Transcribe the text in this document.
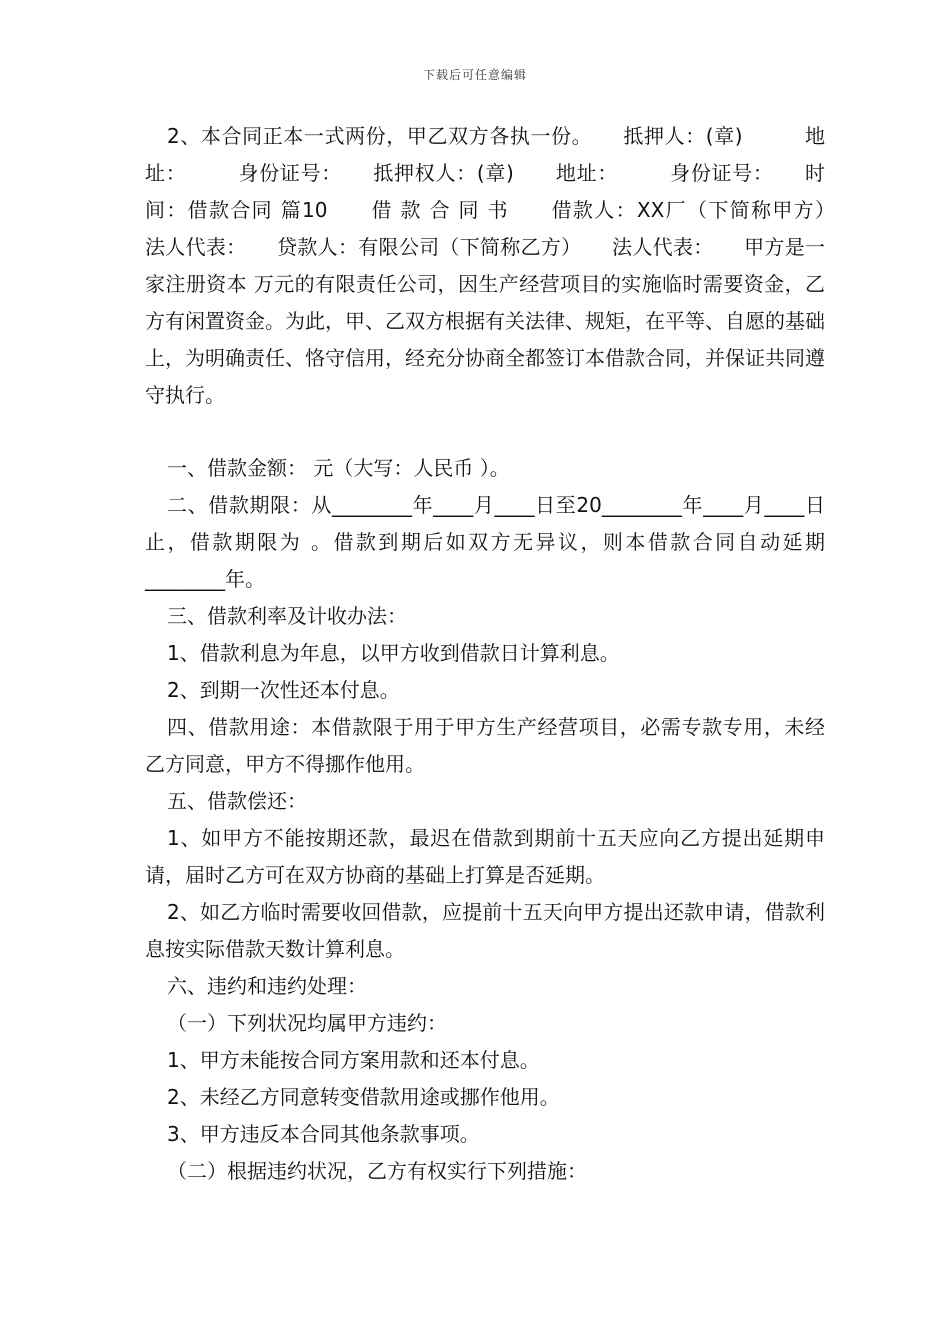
下载后可任意编辑

2、本合同正本一式两份，甲乙双方各执一份。　　抵押人：(章)　　　地址：　　　身份证号：　　抵押权人：(章)　　地址：　　　身份证号：　　时间：借款合同 篇10　　借 款 合 同 书　　借款人：XX厂（下简称甲方）　　法人代表：　　贷款人：有限公司（下简称乙方）　　法人代表：　　甲方是一家注册资本 万元的有限责任公司，因生产经营项目的实施临时需要资金，乙方有闲置资金。为此，甲、乙双方根据有关法律、规矩，在平等、自愿的基础上，为明确责任、恪守信用，经充分协商全都签订本借款合同，并保证共同遵守执行。

一、借款金额： 元（大写：人民币 ）。

二、借款期限：从________年____月____日至20________年____月____日止，借款期限为 。借款到期后如双方无异议，则本借款合同自动延期________年。

三、借款利率及计收办法：

1、借款利息为年息，以甲方收到借款日计算利息。

2、到期一次性还本付息。

四、借款用途：本借款限于用于甲方生产经营项目，必需专款专用，未经乙方同意，甲方不得挪作他用。

五、借款偿还：

1、如甲方不能按期还款，最迟在借款到期前十五天应向乙方提出延期申请，届时乙方可在双方协商的基础上打算是否延期。

2、如乙方临时需要收回借款，应提前十五天向甲方提出还款申请，借款利息按实际借款天数计算利息。

六、违约和违约处理：

（一）下列状况均属甲方违约：

1、甲方未能按合同方案用款和还本付息。

2、未经乙方同意转变借款用途或挪作他用。

3、甲方违反本合同其他条款事项。

（二）根据违约状况，乙方有权实行下列措施：
